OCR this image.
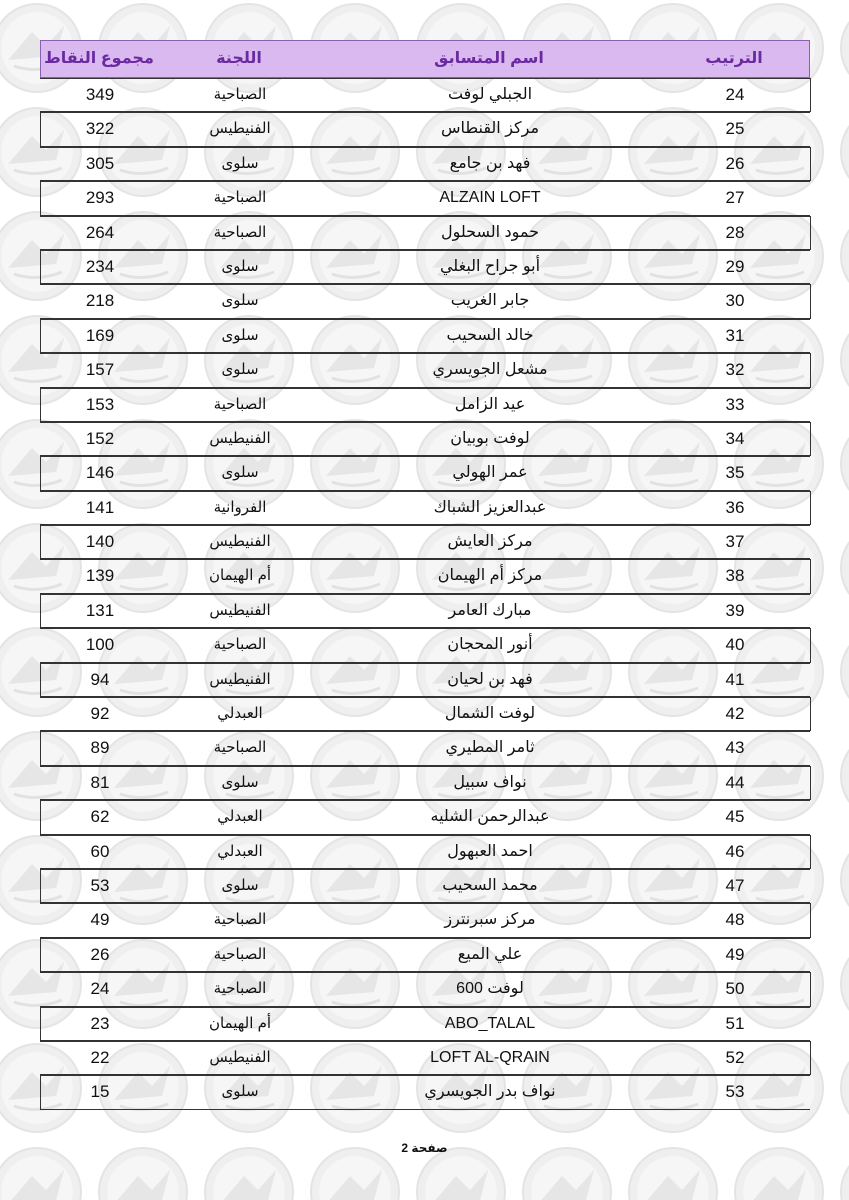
الترتيب
اسم المتسابق
اللجنة
مجموع النقاط
24
الجبلي لوفت
الصباحية
349
25
مركز القنطاس
الفنيطيس
322
26
فهد بن جامع
سلوى
305
27
ALZAIN LOFT
الصباحية
293
28
حمود السحلول
الصباحية
264
29
أبو جراح البغلي
سلوى
234
30
جابر الغريب
سلوى
218
31
خالد السحيب
سلوى
169
32
مشعل الجويسري
سلوى
157
33
عيد الزامل
الصباحية
153
34
لوفت بوبيان
الفنيطيس
152
35
عمر الهولي
سلوى
146
36
عبدالعزيز الشباك
الفروانية
141
37
مركز العايش
الفنيطيس
140
38
مركز أم الهيمان
أم الهيمان
139
39
مبارك العامر
الفنيطيس
131
40
أنور المحجان
الصباحية
100
41
فهد بن لحيان
الفنيطيس
94
42
لوفت الشمال
العبدلي
92
43
ثامر المطيري
الصباحية
89
44
نواف سبيل
سلوى
81
45
عبدالرحمن الشليه
العبدلي
62
46
احمد العبهول
العبدلي
60
47
محمد السحيب
سلوى
53
48
مركز سبرنترز
الصباحية
49
49
علي الميع
الصباحية
26
50
لوفت 600
الصباحية
24
51
ABO_TALAL
أم الهيمان
23
52
LOFT AL-QRAIN
الفنيطيس
22
53
نواف بدر الجويسري
سلوى
15
صفحة 2
